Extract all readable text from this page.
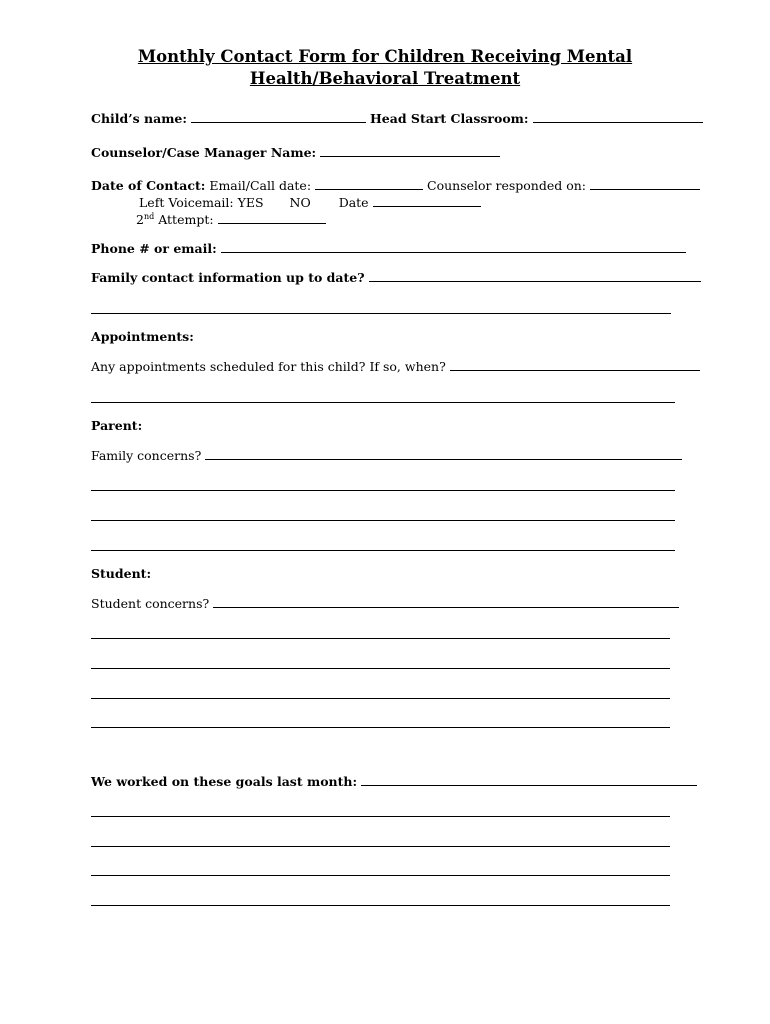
Monthly Contact Form for Children Receiving Mental Health/Behavioral Treatment
Child’s name:	Head Start Classroom:
Counselor/Case Manager Name:
Date of Contact: Email/Call date:	Counselor responded on:
Left Voicemail: YES NO Date
2nd Attempt:
Phone # or email:
Family contact information up to date?
Appointments:
Any appointments scheduled for this child? If so, when?
Parent:
Family concerns?
Student:
Student concerns?
We worked on these goals last month:
